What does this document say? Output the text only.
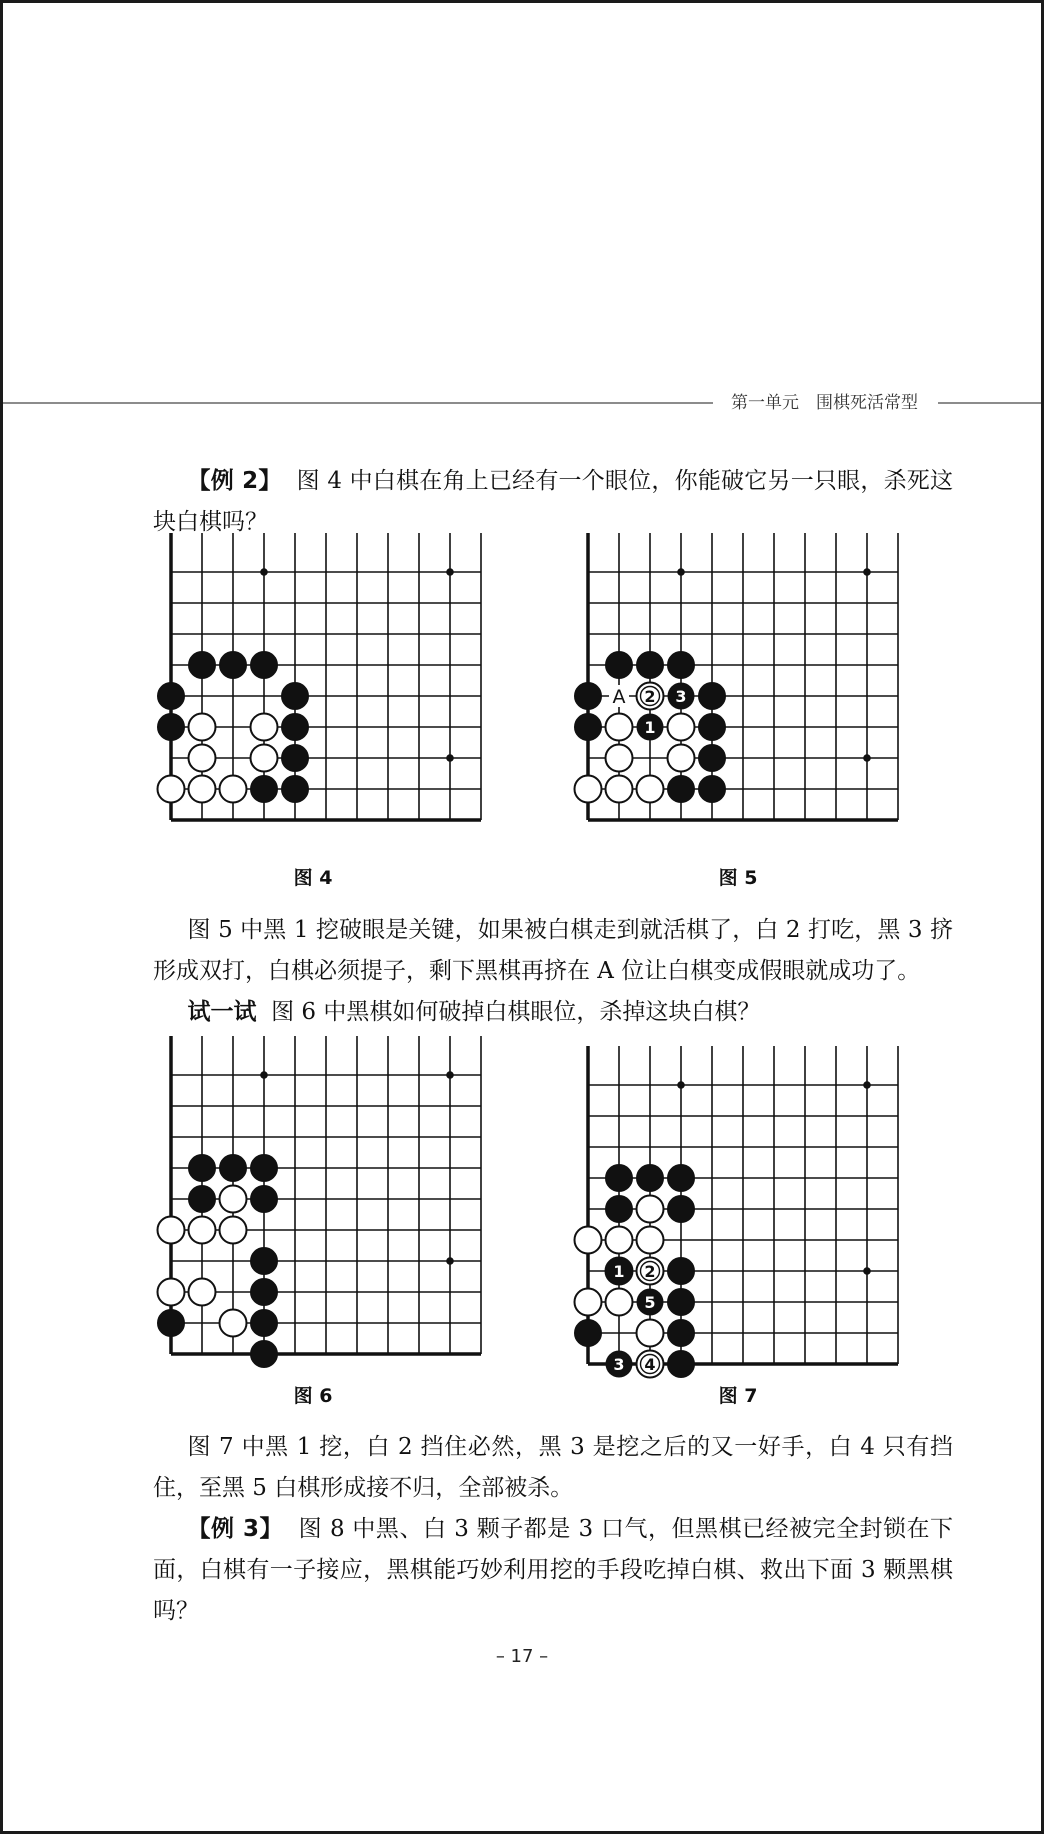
第一单元　围棋死活常型

【例 2】 图 4 中白棋在角上已经有一个眼位，你能破它另一只眼，杀死这块白棋吗？

图 4
A 2 3
1
图 5

图 5 中黑 1 挖破眼是关键，如果被白棋走到就活棋了，白 2 打吃，黑 3 挤形成双打，白棋必须提子，剩下黑棋再挤在 A 位让白棋变成假眼就成功了。

试一试 图 6 中黑棋如何破掉白棋眼位，杀掉这块白棋？

图 6
1 2
5
3 4
图 7

图 7 中黑 1 挖，白 2 挡住必然，黑 3 是挖之后的又一好手，白 4 只有挡住，至黑 5 白棋形成接不归，全部被杀。

【例 3】 图 8 中黑、白 3 颗子都是 3 口气，但黑棋已经被完全封锁在下面，白棋有一子接应，黑棋能巧妙利用挖的手段吃掉白棋、救出下面 3 颗黑棋吗？

– 17 –
